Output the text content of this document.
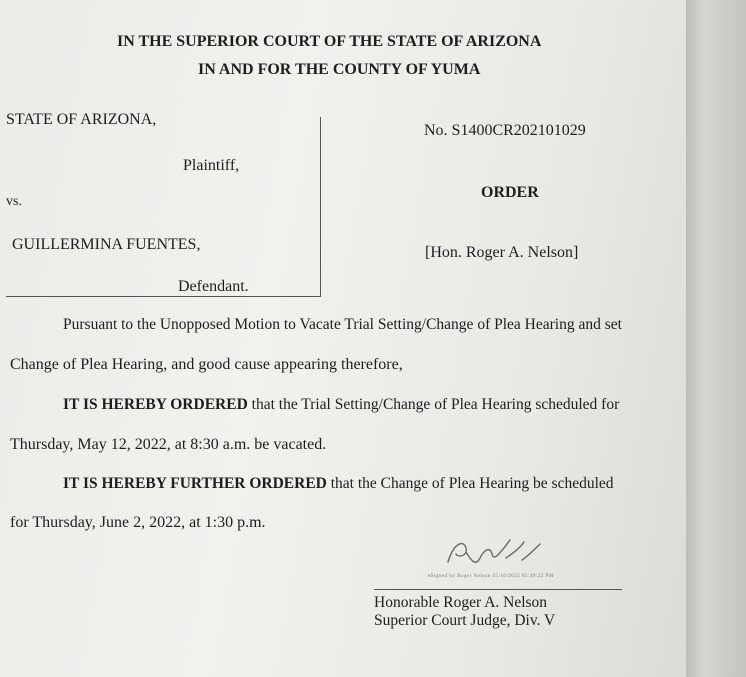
IN THE SUPERIOR COURT OF THE STATE OF ARIZONA
IN AND FOR THE COUNTY OF YUMA
STATE OF ARIZONA,
Plaintiff,
vs.
GUILLERMINA FUENTES,
Defendant.
No. S1400CR202101029
ORDER
[Hon. Roger A. Nelson]
Pursuant to the Unopposed Motion to Vacate Trial Setting/Change of Plea Hearing and set
Change of Plea Hearing, and good cause appearing therefore,
IT IS HEREBY ORDERED that the Trial Setting/Change of Plea Hearing scheduled for
Thursday, May 12, 2022, at 8:30 a.m. be vacated.
IT IS HEREBY FURTHER ORDERED that the Change of Plea Hearing be scheduled
for Thursday, June 2, 2022, at 1:30 p.m.
eSigned by Roger Nelson 05/10/2022 05:49:22 PM
Honorable Roger A. Nelson
Superior Court Judge, Div. V
